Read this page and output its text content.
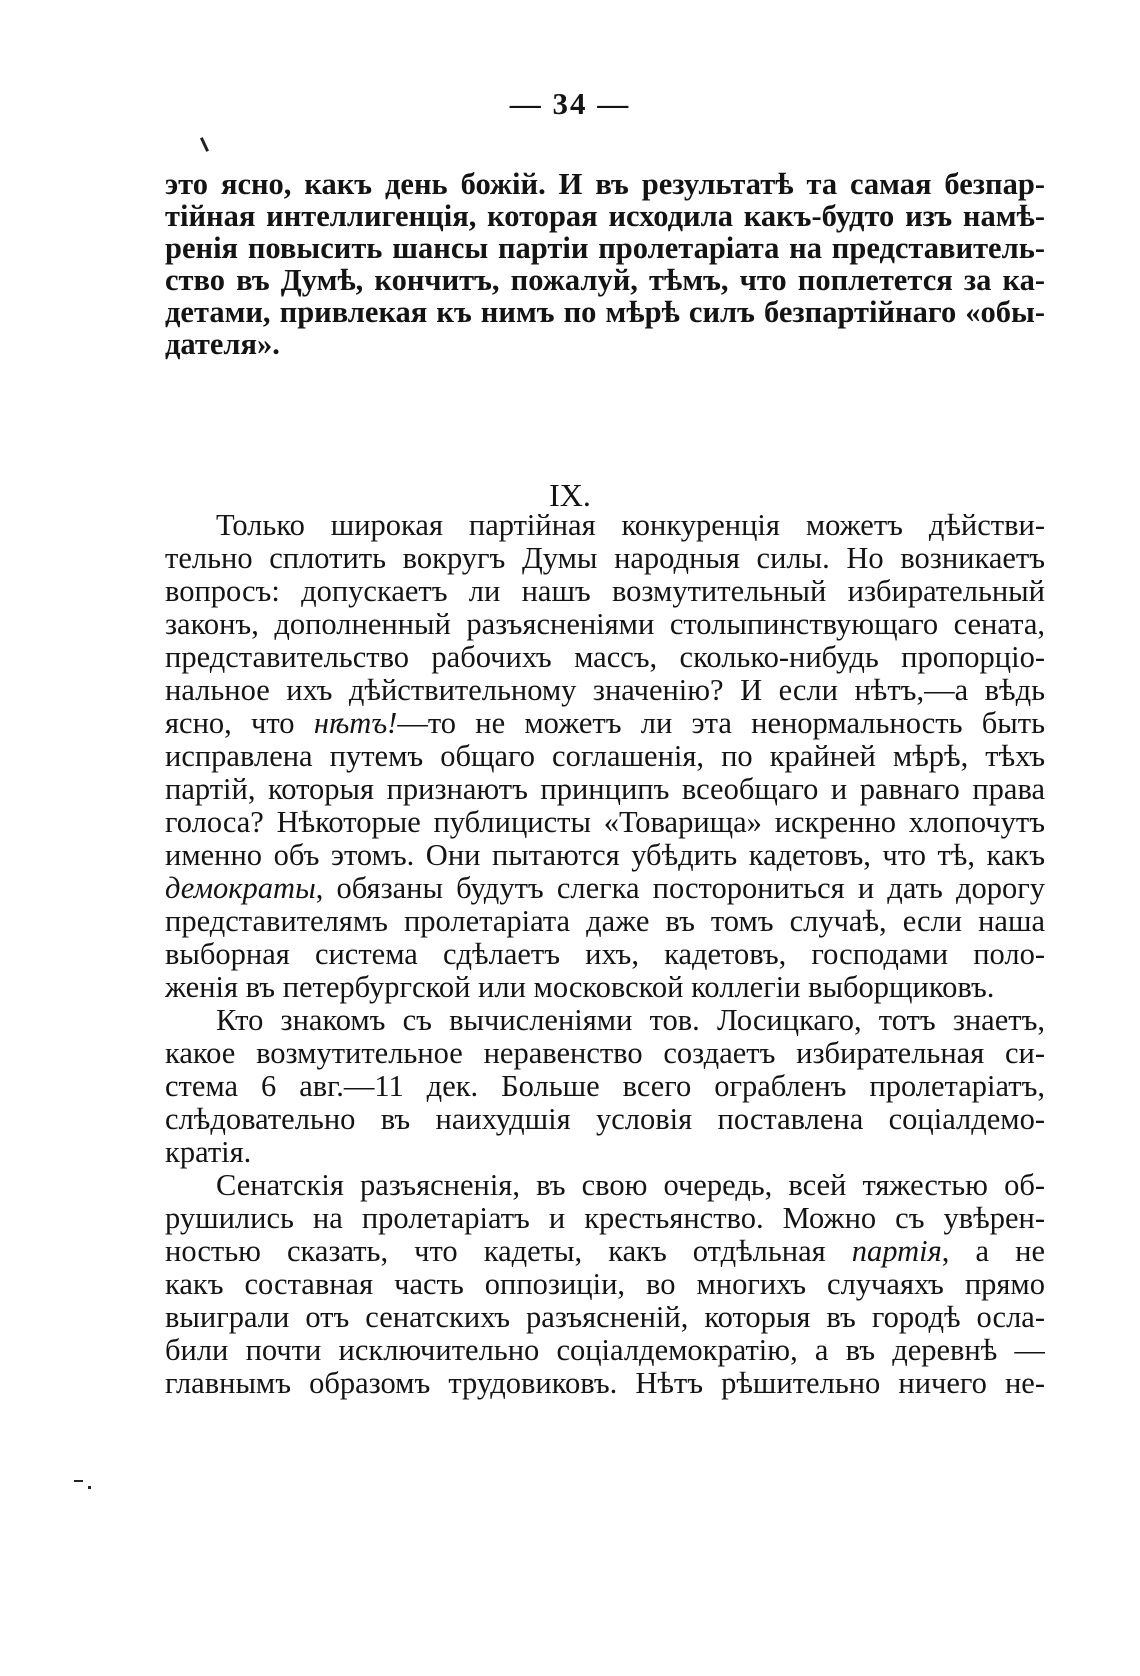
— 34 —
это ясно, какъ день божій. И въ результатѣ та самая безпар-
тійная интеллигенція, которая исходила какъ-будто изъ намѣ-
ренія повысить шансы партіи пролетаріата на представитель-
ство въ Думѣ, кончитъ, пожалуй, тѣмъ, что поплетется за ка-
детами, привлекая къ нимъ по мѣрѣ силъ безпартійнаго «обы-
дателя».
IX.
Только широкая партійная конкуренція можетъ дѣйстви-
тельно сплотить вокругъ Думы народныя силы. Но возникаетъ
вопросъ: допускаетъ ли нашъ возмутительный избирательный
законъ, дополненный разъясненіями столыпинствующаго сената,
представительство рабочихъ массъ, сколько-нибудь пропорціо-
нальное ихъ дѣйствительному значенію? И если нѣтъ,—а вѣдь
ясно, что нѣтъ!—то не можетъ ли эта ненормальность быть
исправлена путемъ общаго соглашенія, по крайней мѣрѣ, тѣхъ
партій, которыя признаютъ принципъ всеобщаго и равнаго права
голоса? Нѣкоторые публицисты «Товарища» искренно хлопочутъ
именно объ этомъ. Они пытаются убѣдить кадетовъ, что тѣ, какъ
демократы, обязаны будутъ слегка посторониться и дать дорогу
представителямъ пролетаріата даже въ томъ случаѣ, если наша
выборная система сдѣлаетъ ихъ, кадетовъ, господами поло-
женія въ петербургской или московской коллегіи выборщиковъ.
Кто знакомъ съ вычисленіями тов. Лосицкаго, тотъ знаетъ,
какое возмутительное неравенство создаетъ избирательная си-
стема 6 авг.—11 дек. Больше всего ограбленъ пролетаріатъ,
слѣдовательно въ наихудшія условія поставлена соціалдемо-
кратія.
Сенатскія разъясненія, въ свою очередь, всей тяжестью об-
рушились на пролетаріатъ и крестьянство. Можно съ увѣрен-
ностью сказать, что кадеты, какъ отдѣльная партія, а не
какъ составная часть оппозиціи, во многихъ случаяхъ прямо
выиграли отъ сенатскихъ разъясненій, которыя въ городѣ осла-
били почти исключительно соціалдемократію, а въ деревнѣ —
главнымъ образомъ трудовиковъ. Нѣтъ рѣшительно ничего не-
